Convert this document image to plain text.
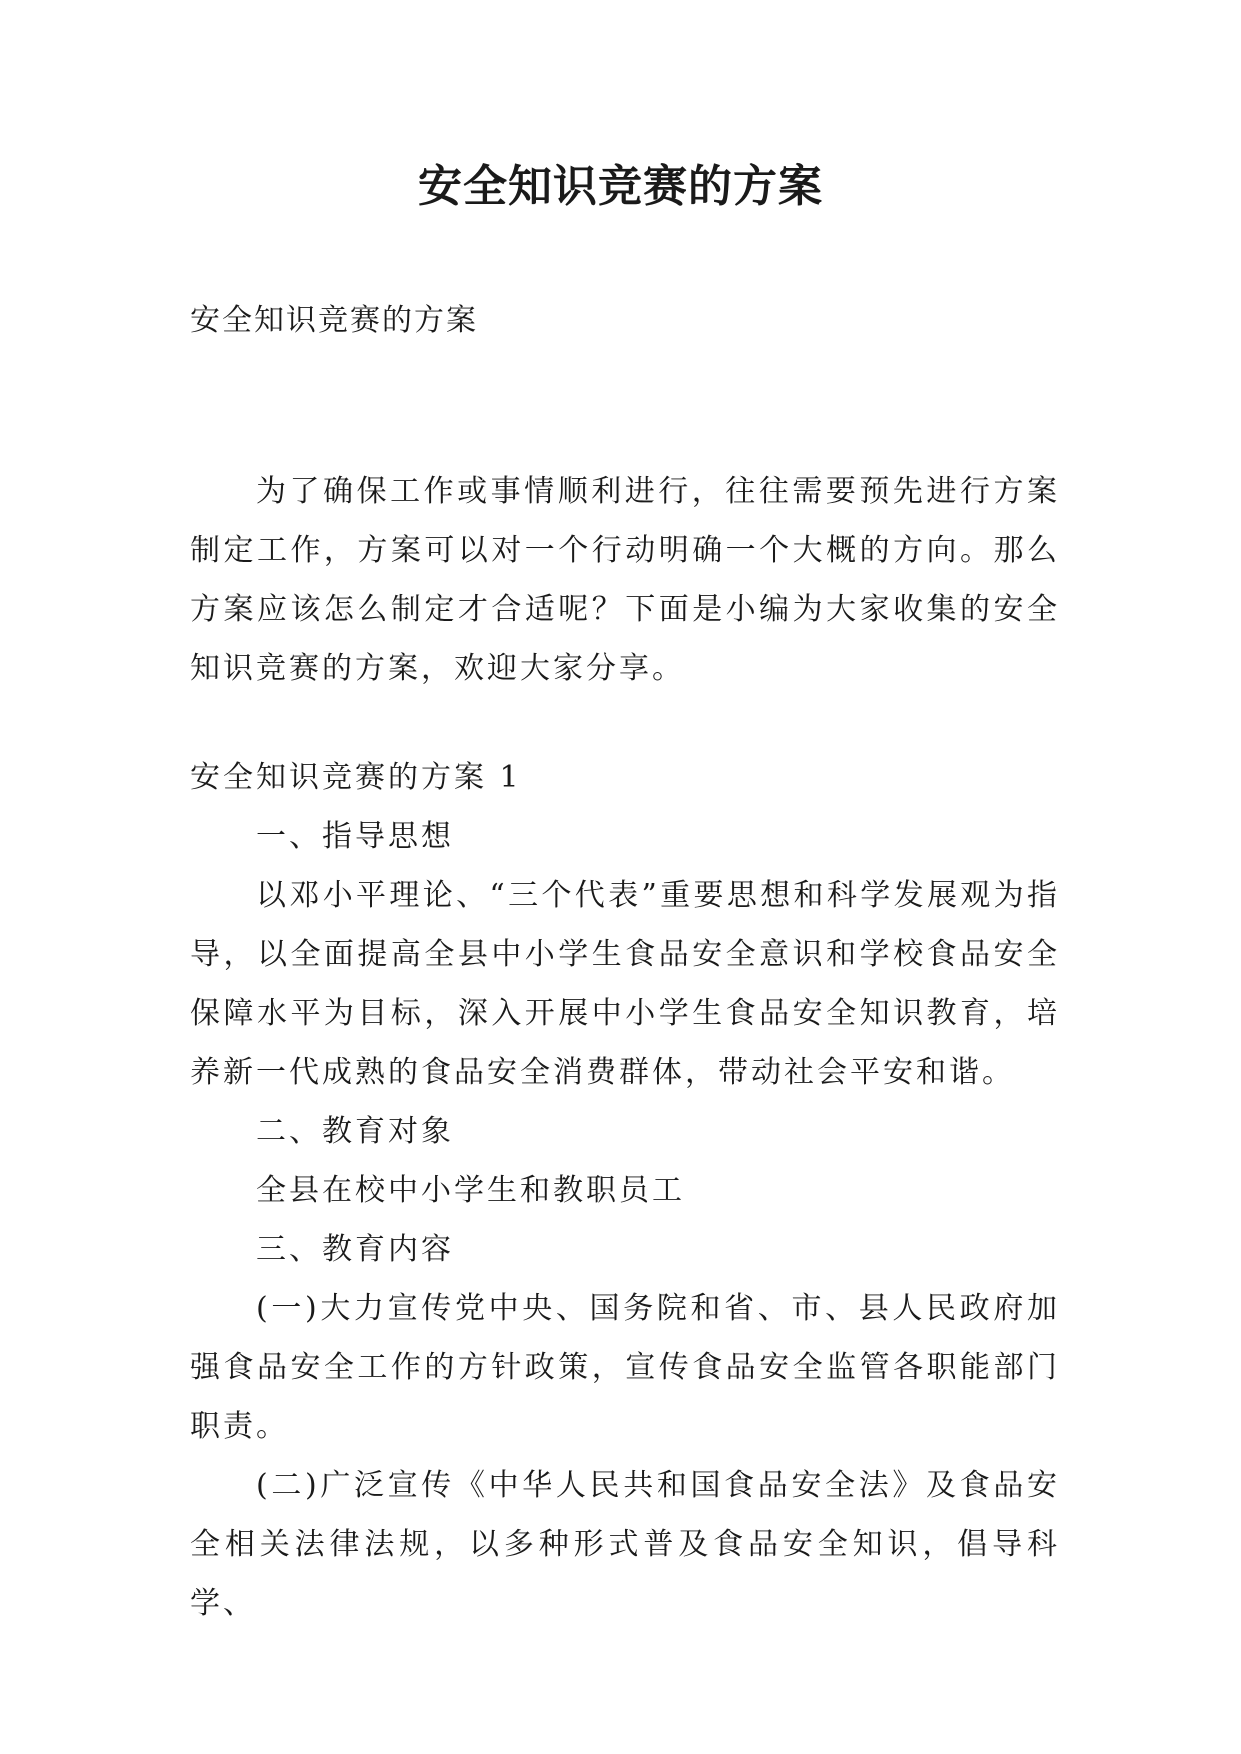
安全知识竞赛的方案
安全知识竞赛的方案

为了确保工作或事情顺利进行，往往需要预先进行方案制定工作，方案可以对一个行动明确一个大概的方向。那么方案应该怎么制定才合适呢？下面是小编为大家收集的安全知识竞赛的方案，欢迎大家分享。

安全知识竞赛的方案 1

一、指导思想

以邓小平理论、“三个代表”重要思想和科学发展观为指导，以全面提高全县中小学生食品安全意识和学校食品安全保障水平为目标，深入开展中小学生食品安全知识教育，培养新一代成熟的食品安全消费群体，带动社会平安和谐。

二、教育对象

全县在校中小学生和教职员工

三、教育内容

(一)大力宣传党中央、国务院和省、市、县人民政府加强食品安全工作的方针政策，宣传食品安全监管各职能部门职责。

(二)广泛宣传《中华人民共和国食品安全法》及食品安全相关法律法规，以多种形式普及食品安全知识，倡导科学、
